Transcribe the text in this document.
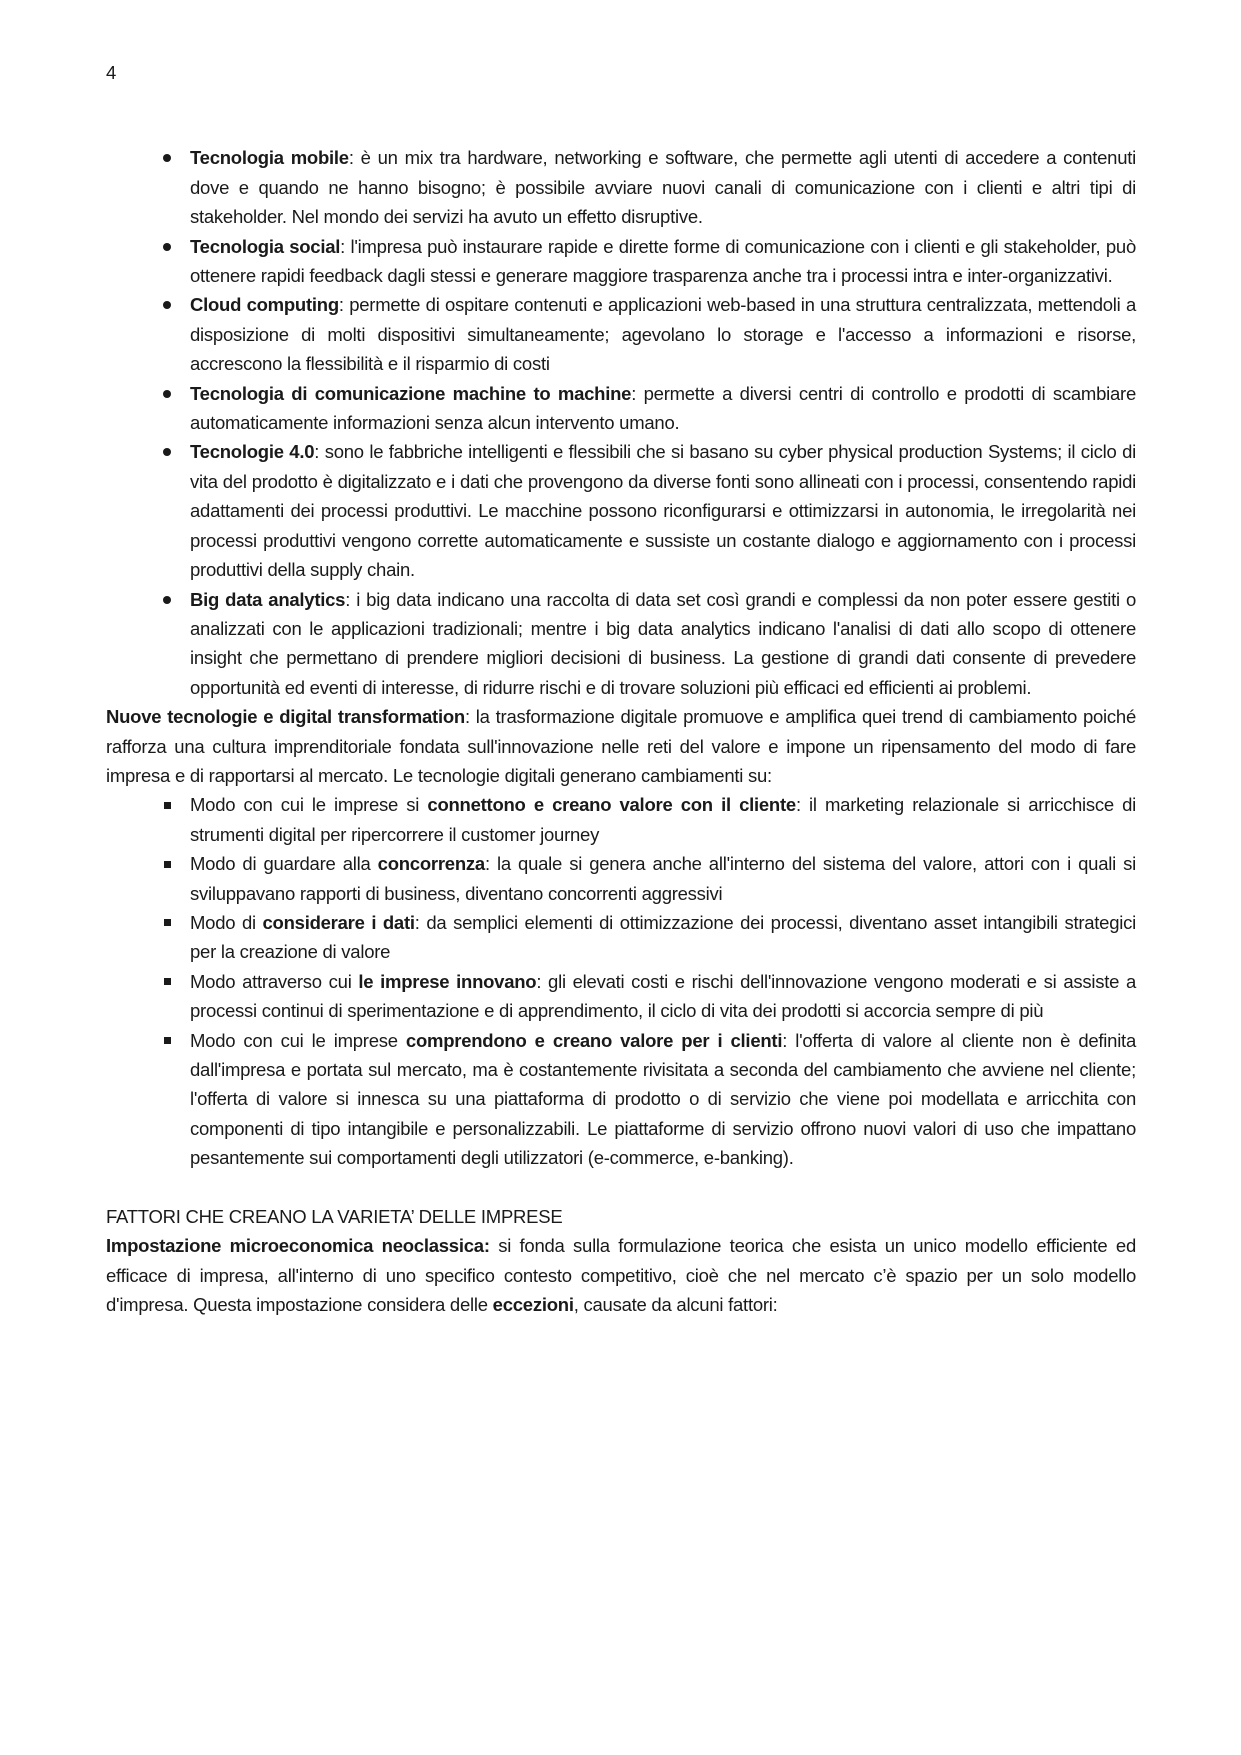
4
Tecnologia mobile: è un mix tra hardware, networking e software, che permette agli utenti di accedere a contenuti dove e quando ne hanno bisogno; è possibile avviare nuovi canali di comunicazione con i clienti e altri tipi di stakeholder. Nel mondo dei servizi ha avuto un effetto disruptive.
Tecnologia social: l'impresa può instaurare rapide e dirette forme di comunicazione con i clienti e gli stakeholder, può ottenere rapidi feedback dagli stessi e generare maggiore trasparenza anche tra i processi intra e inter-organizzativi.
Cloud computing: permette di ospitare contenuti e applicazioni web-based in una struttura centralizzata, mettendoli a disposizione di molti dispositivi simultaneamente; agevolano lo storage e l'accesso a informazioni e risorse, accrescono la flessibilità e il risparmio di costi
Tecnologia di comunicazione machine to machine: permette a diversi centri di controllo e prodotti di scambiare automaticamente informazioni senza alcun intervento umano.
Tecnologie 4.0: sono le fabbriche intelligenti e flessibili che si basano su cyber physical production Systems; il ciclo di vita del prodotto è digitalizzato e i dati che provengono da diverse fonti sono allineati con i processi, consentendo rapidi adattamenti dei processi produttivi. Le macchine possono riconfigurarsi e ottimizzarsi in autonomia, le irregolarità nei processi produttivi vengono corrette automaticamente e sussiste un costante dialogo e aggiornamento con i processi produttivi della supply chain.
Big data analytics: i big data indicano una raccolta di data set così grandi e complessi da non poter essere gestiti o analizzati con le applicazioni tradizionali; mentre i big data analytics indicano l'analisi di dati allo scopo di ottenere insight che permettano di prendere migliori decisioni di business. La gestione di grandi dati consente di prevedere opportunità ed eventi di interesse, di ridurre rischi e di trovare soluzioni più efficaci ed efficienti ai problemi.

Nuove tecnologie e digital transformation: la trasformazione digitale promuove e amplifica quei trend di cambiamento poiché rafforza una cultura imprenditoriale fondata sull'innovazione nelle reti del valore e impone un ripensamento del modo di fare impresa e di rapportarsi al mercato. Le tecnologie digitali generano cambiamenti su:

Modo con cui le imprese si connettono e creano valore con il cliente: il marketing relazionale si arricchisce di strumenti digital per ripercorrere il customer journey
Modo di guardare alla concorrenza: la quale si genera anche all'interno del sistema del valore, attori con i quali si sviluppavano rapporti di business, diventano concorrenti aggressivi
Modo di considerare i dati: da semplici elementi di ottimizzazione dei processi, diventano asset intangibili strategici per la creazione di valore
Modo attraverso cui le imprese innovano: gli elevati costi e rischi dell'innovazione vengono moderati e si assiste a processi continui di sperimentazione e di apprendimento, il ciclo di vita dei prodotti si accorcia sempre di più
Modo con cui le imprese comprendono e creano valore per i clienti: l'offerta di valore al cliente non è definita dall'impresa e portata sul mercato, ma è costantemente rivisitata a seconda del cambiamento che avviene nel cliente; l'offerta di valore si innesca su una piattaforma di prodotto o di servizio che viene poi modellata e arricchita con componenti di tipo intangibile e personalizzabili. Le piattaforme di servizio offrono nuovi valori di uso che impattano pesantemente sui comportamenti degli utilizzatori (e-commerce, e-banking).

FATTORI CHE CREANO LA VARIETA’ DELLE IMPRESE

Impostazione microeconomica neoclassica: si fonda sulla formulazione teorica che esista un unico modello efficiente ed efficace di impresa, all'interno di uno specifico contesto competitivo, cioè che nel mercato c’è spazio per un solo modello d'impresa. Questa impostazione considera delle eccezioni, causate da alcuni fattori:
